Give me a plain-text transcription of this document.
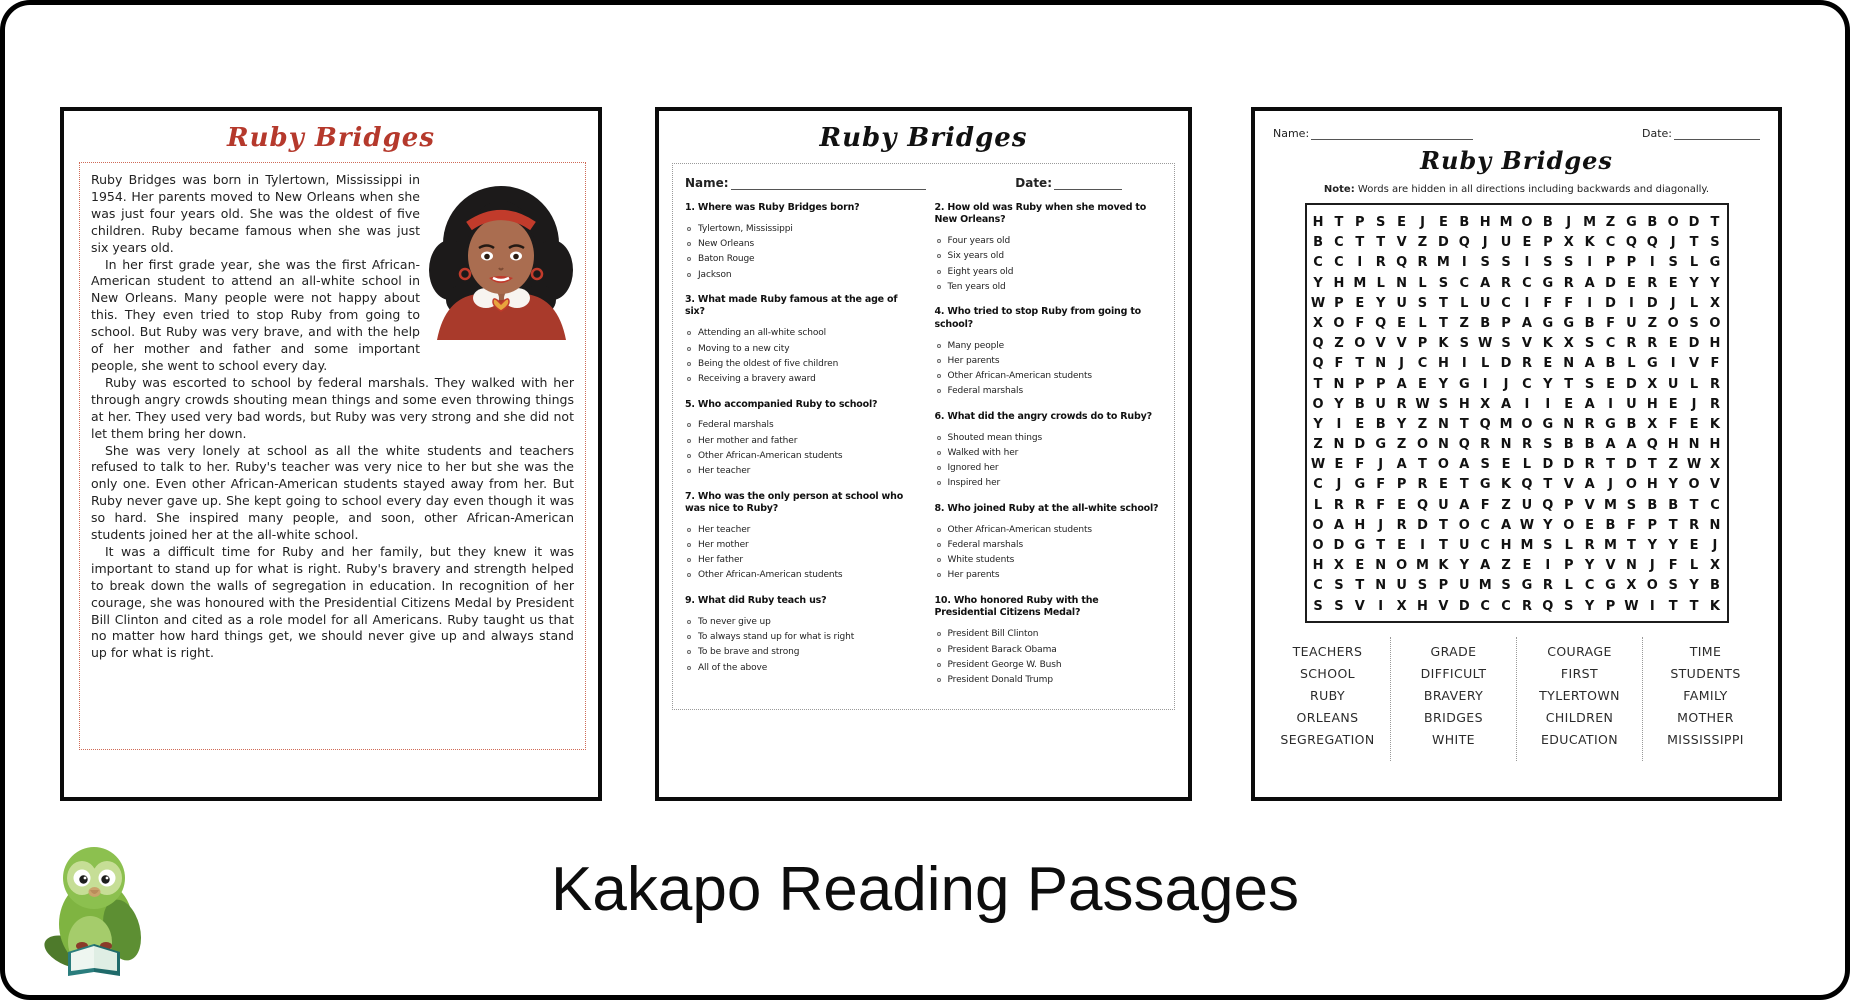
Ruby Bridges

Ruby Bridges was born in Tylertown, Mississippi in 1954. Her parents moved to New Orleans when she was just four years old. She was the oldest of five children. Ruby became famous when she was just six years old.

In her first grade year, she was the first African-American student to attend an all-white school in New Orleans. Many people were not happy about this. They even tried to stop Ruby from going to school. But Ruby was very brave, and with the help of her mother and father and some important people, she went to school every day.

Ruby was escorted to school by federal marshals. They walked with her through angry crowds shouting mean things and some even throwing things at her. They used very bad words, but Ruby was very strong and she did not let them bring her down.

She was very lonely at school as all the white students and teachers refused to talk to her. Ruby's teacher was very nice to her but she was the only one. Even other African-American students stayed away from her. But Ruby never gave up. She kept going to school every day even though it was so hard. She inspired many people, and soon, other African-American students joined her at the all-white school.

It was a difficult time for Ruby and her family, but they knew it was important to stand up for what is right. Ruby's bravery and strength helped to break down the walls of segregation in education. In recognition of her courage, she was honoured with the Presidential Citizens Medal by President Bill Clinton and cited as a role model for all Americans. Ruby taught us that no matter how hard things get, we should never give up and always stand up for what is right.

Ruby Bridges
Name:	Date:
1. Where was Ruby Bridges born?
Tylertown, Mississippi
New Orleans
Baton Rouge
Jackson
3. What made Ruby famous at the age of six?
Attending an all-white school
Moving to a new city
Being the oldest of five children
Receiving a bravery award
5. Who accompanied Ruby to school?
Federal marshals
Her mother and father
Other African-American students
Her teacher
7. Who was the only person at school who was nice to Ruby?
Her teacher
Her mother
Her father
Other African-American students
9. What did Ruby teach us?
To never give up
To always stand up for what is right
To be brave and strong
All of the above
2. How old was Ruby when she moved to New Orleans?
Four years old
Six years old
Eight years old
Ten years old
4. Who tried to stop Ruby from going to school?
Many people
Her parents
Other African-American students
Federal marshals
6. What did the angry crowds do to Ruby?
Shouted mean things
Walked with her
Ignored her
Inspired her
8. Who joined Ruby at the all-white school?
Other African-American students
Federal marshals
White students
Her parents
10. Who honored Ruby with the Presidential Citizens Medal?
President Bill Clinton
President Barack Obama
President George W. Bush
President Donald Trump
Name:	Date:
Ruby Bridges
Note: Words are hidden in all directions including backwards and diagonally.
H T P S E J E B H M O B J M Z G B O D T
B C T T V Z D Q J U E P X K C Q Q J T S
C C I R Q R M I S S I S S I P P I S L G
Y H M L N L S C A R C G R A D E R E Y Y
W P E Y U S T L U C I F F I D I D J L X
X O F Q E L T Z B P A G G B F U Z O S O
Q Z O V V P K S W S V K X S C R R E D H
Q F T N J C H I L D R E N A B L G I V F
T N P P A E Y G I J C Y T S E D X U L R
O Y B U R W S H X A I I E A I U H E J R
Y I E B Y Z N T Q M O G N R G B X F E K
Z N D G Z O N Q R N R S B B A A Q H N H
W E F J A T O A S E L D D R T D T Z W X
C J G F P R E T G K Q T V A J O H Y O V
L R R F E Q U A F Z U Q P V M S B B T C
O A H J R D T O C A W Y O E B F P T R N
O D G T E I T U C H M S L R M T Y Y E J
H X E N O M K Y A Z E I P Y V N J F L X
C S T N U S P U M S G R L C G X O S Y B
S S V I X H V D C C R Q S Y P W I T T K
TEACHERS
SCHOOL
RUBY
ORLEANS
SEGREGATION
GRADE
DIFFICULT
BRAVERY
BRIDGES
WHITE
COURAGE
FIRST
TYLERTOWN
CHILDREN
EDUCATION
TIME
STUDENTS
FAMILY
MOTHER
MISSISSIPPI
Kakapo Reading Passages
